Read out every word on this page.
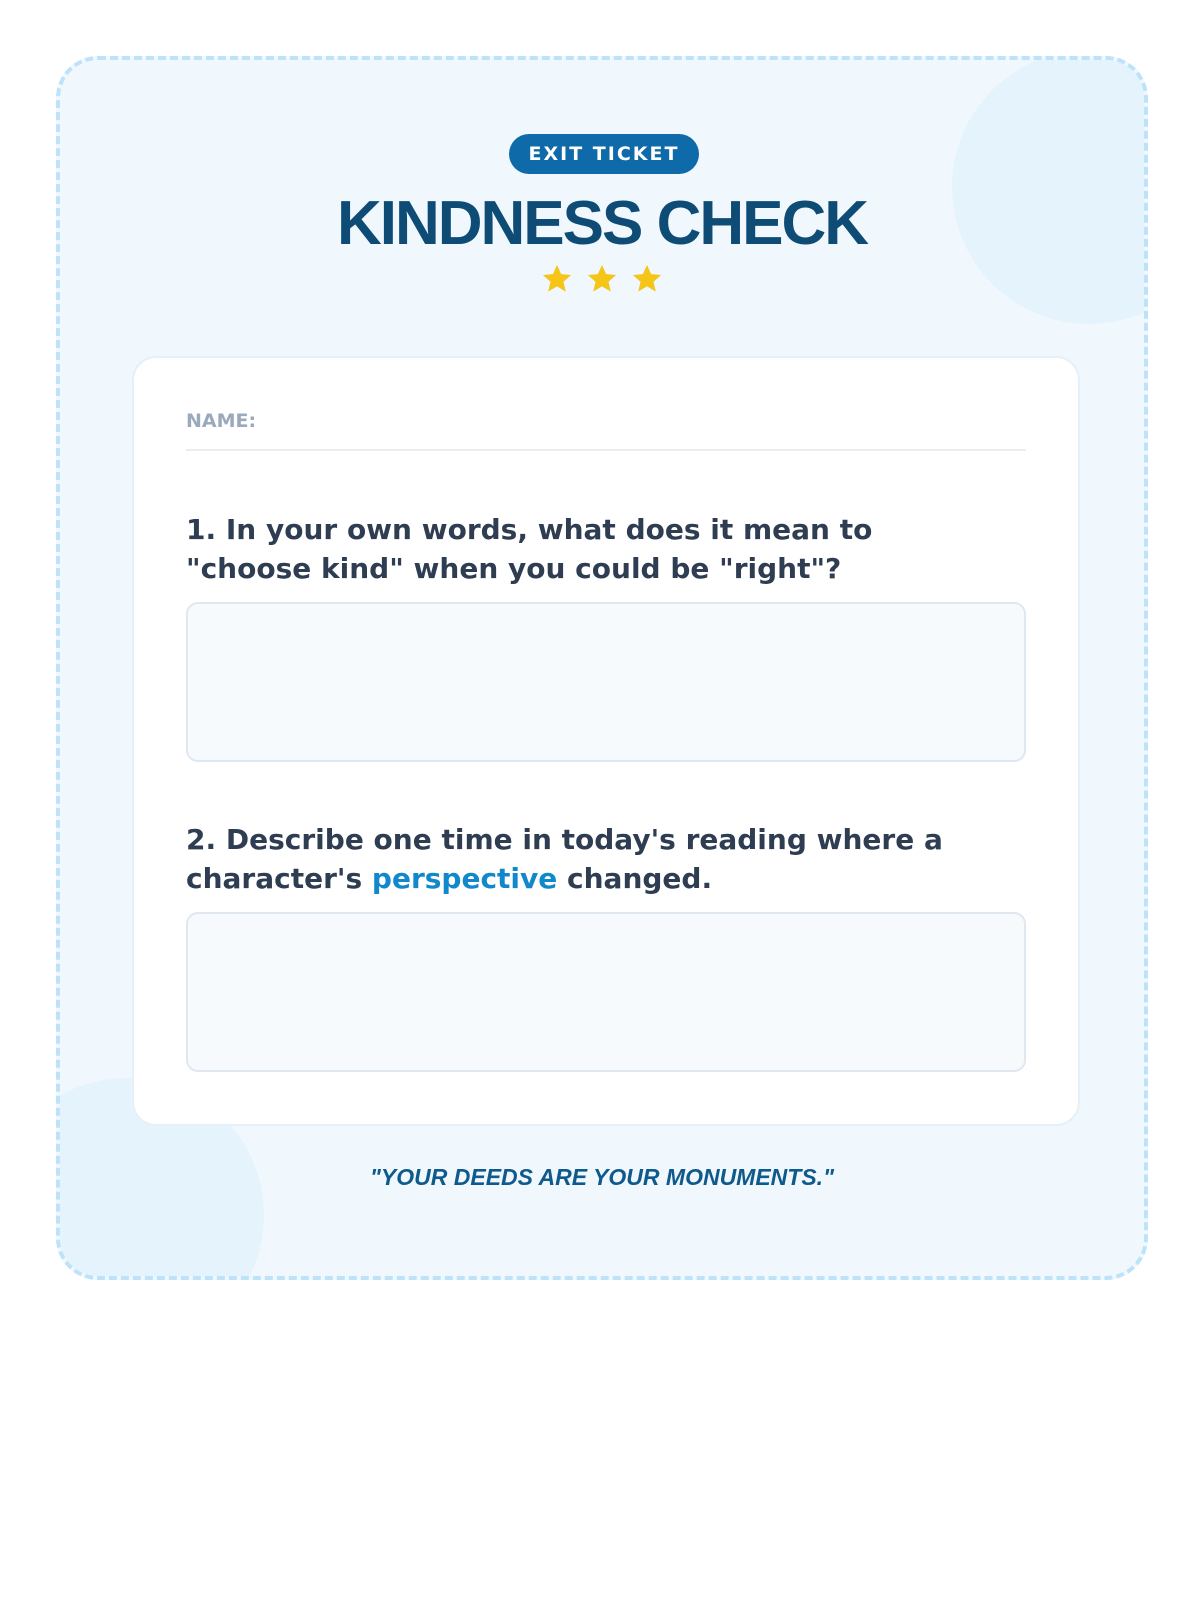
EXIT TICKET
KINDNESS CHECK

NAME:
1. In your own words, what does it mean to "choose kind" when you could be "right"?
2. Describe one time in today's reading where a character's perspective changed.
"YOUR DEEDS ARE YOUR MONUMENTS."
